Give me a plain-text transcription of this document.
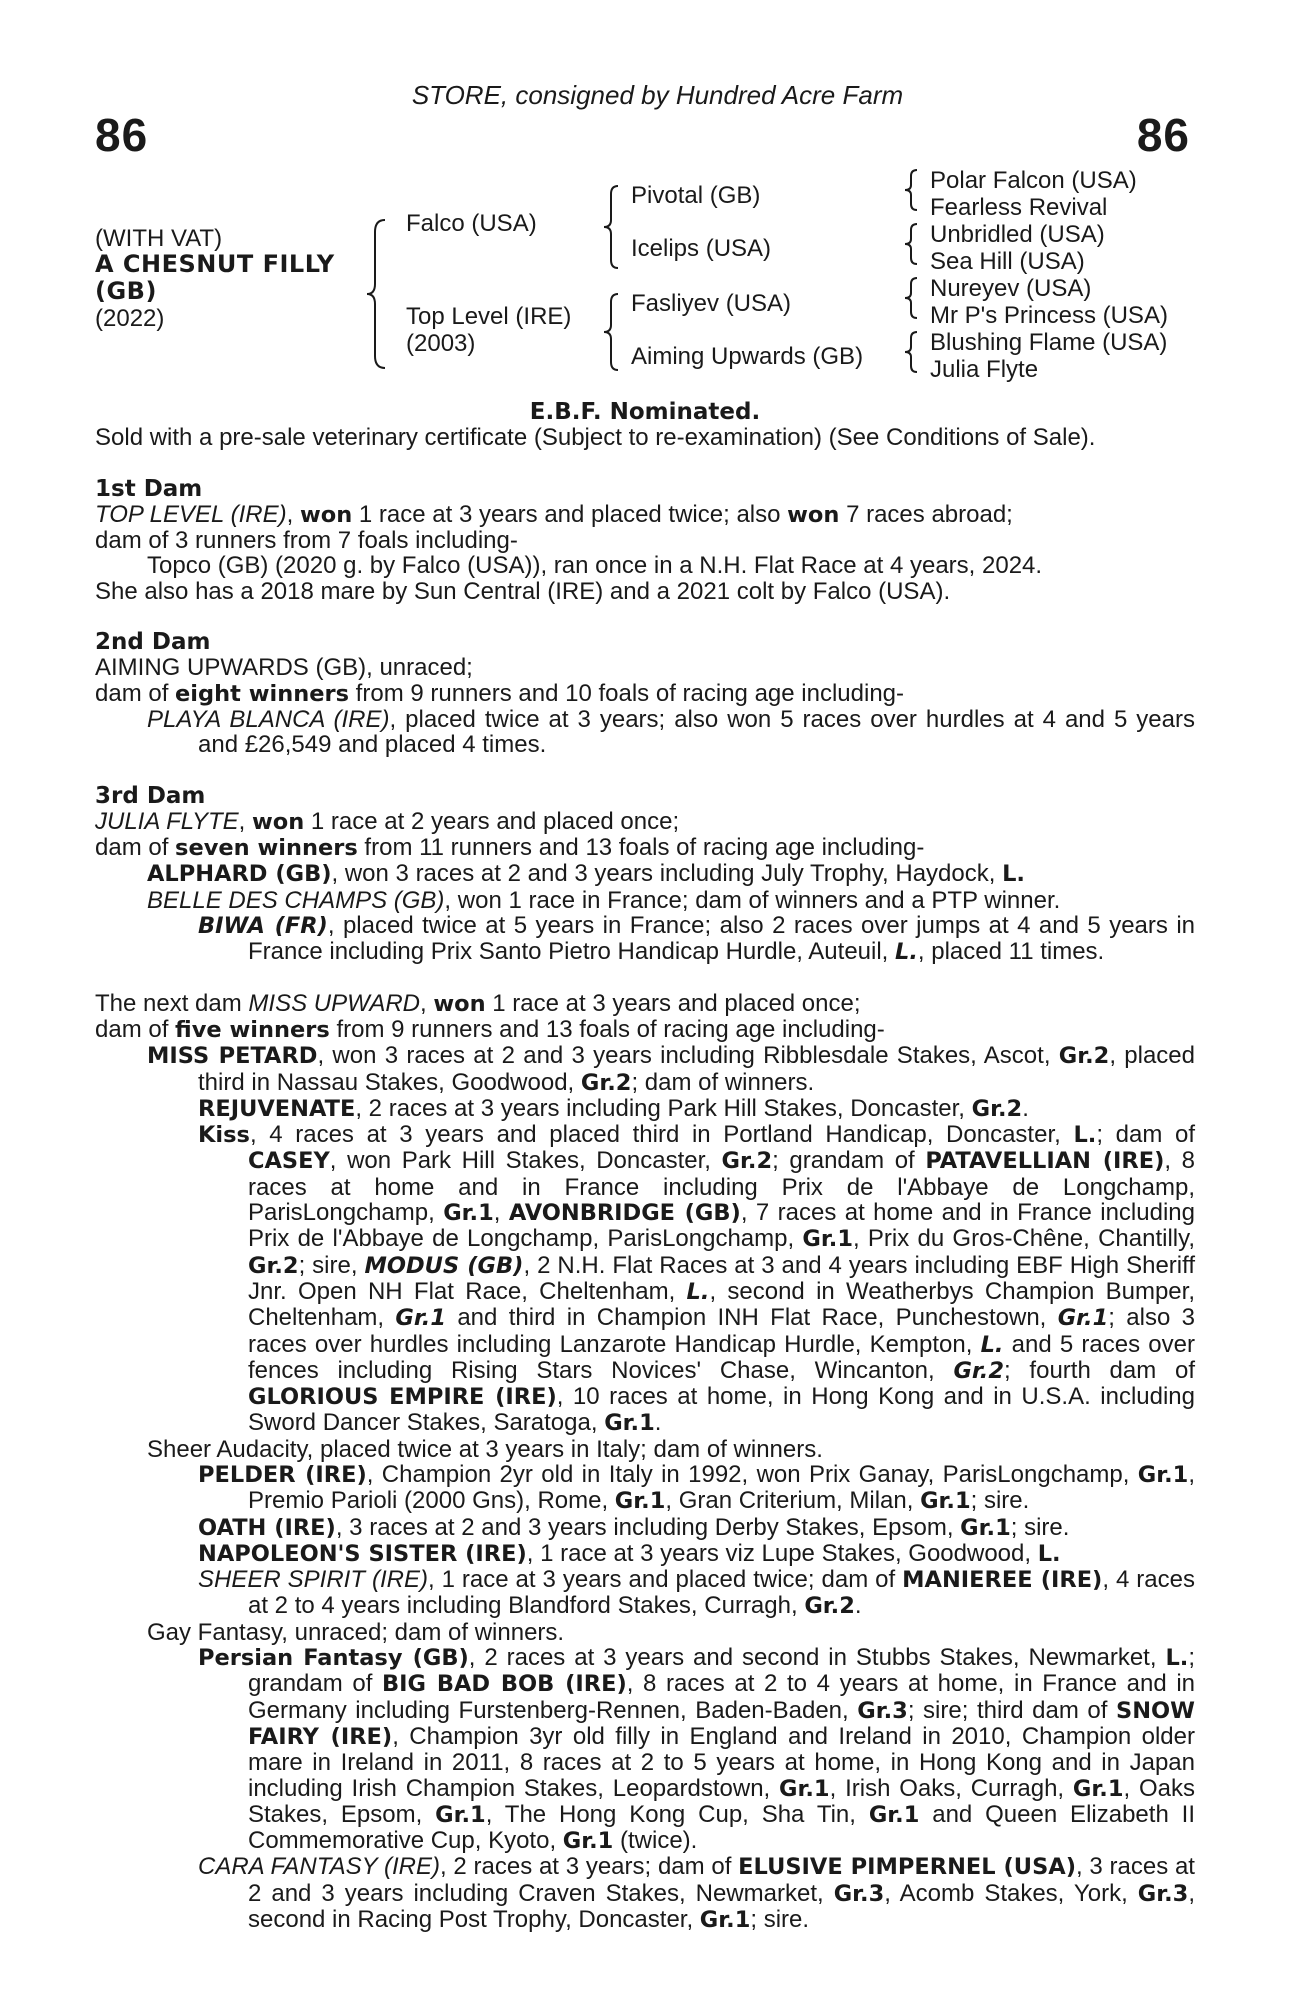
STORE, consigned by Hundred Acre Farm
86	86
(WITH VAT)
A CHESNUT FILLY
(GB)
(2022)
Falco (USA)
Top Level (IRE)
(2003)
Pivotal (GB)
Icelips (USA)
Fasliyev (USA)
Aiming Upwards (GB)
Polar Falcon (USA)
Fearless Revival
Unbridled (USA)
Sea Hill (USA)
Nureyev (USA)
Mr P's Princess (USA)
Blushing Flame (USA)
Julia Flyte

E.B.F. Nominated.

Sold with a pre-sale veterinary certificate (Subject to re-examination) (See Conditions of Sale).

1st Dam

TOP LEVEL (IRE), won 1 race at 3 years and placed twice; also won 7 races abroad;

dam of 3 runners from 7 foals including-

Topco (GB) (2020 g. by Falco (USA)), ran once in a N.H. Flat Race at 4 years, 2024.

She also has a 2018 mare by Sun Central (IRE) and a 2021 colt by Falco (USA).

2nd Dam

AIMING UPWARDS (GB), unraced;

dam of eight winners from 9 runners and 10 foals of racing age including-

PLAYA BLANCA (IRE), placed twice at 3 years; also won 5 races over hurdles at 4 and 5 years and £26,549 and placed 4 times.

3rd Dam

JULIA FLYTE, won 1 race at 2 years and placed once;

dam of seven winners from 11 runners and 13 foals of racing age including-

ALPHARD (GB), won 3 races at 2 and 3 years including July Trophy, Haydock, L.

BELLE DES CHAMPS (GB), won 1 race in France; dam of winners and a PTP winner.

BIWA (FR), placed twice at 5 years in France; also 2 races over jumps at 4 and 5 years in France including Prix Santo Pietro Handicap Hurdle, Auteuil, L., placed 11 times.

The next dam MISS UPWARD, won 1 race at 3 years and placed once;

dam of five winners from 9 runners and 13 foals of racing age including-

MISS PETARD, won 3 races at 2 and 3 years including Ribblesdale Stakes, Ascot, Gr.2, placed third in Nassau Stakes, Goodwood, Gr.2; dam of winners.

REJUVENATE, 2 races at 3 years including Park Hill Stakes, Doncaster, Gr.2.

Kiss, 4 races at 3 years and placed third in Portland Handicap, Doncaster, L.; dam of CASEY, won Park Hill Stakes, Doncaster, Gr.2; grandam of PATAVELLIAN (IRE), 8 races at home and in France including Prix de l'Abbaye de Longchamp, ParisLongchamp, Gr.1, AVONBRIDGE (GB), 7 races at home and in France including Prix de l'Abbaye de Longchamp, ParisLongchamp, Gr.1, Prix du Gros-Chêne, Chantilly, Gr.2; sire, MODUS (GB), 2 N.H. Flat Races at 3 and 4 years including EBF High Sheriff Jnr. Open NH Flat Race, Cheltenham, L., second in Weatherbys Champion Bumper, Cheltenham, Gr.1 and third in Champion INH Flat Race, Punchestown, Gr.1; also 3 races over hurdles including Lanzarote Handicap Hurdle, Kempton, L. and 5 races over fences including Rising Stars Novices' Chase, Wincanton, Gr.2; fourth dam of GLORIOUS EMPIRE (IRE), 10 races at home, in Hong Kong and in U.S.A. including Sword Dancer Stakes, Saratoga, Gr.1.

Sheer Audacity, placed twice at 3 years in Italy; dam of winners.

PELDER (IRE), Champion 2yr old in Italy in 1992, won Prix Ganay, ParisLongchamp, Gr.1, Premio Parioli (2000 Gns), Rome, Gr.1, Gran Criterium, Milan, Gr.1; sire.

OATH (IRE), 3 races at 2 and 3 years including Derby Stakes, Epsom, Gr.1; sire.

NAPOLEON'S SISTER (IRE), 1 race at 3 years viz Lupe Stakes, Goodwood, L.

SHEER SPIRIT (IRE), 1 race at 3 years and placed twice; dam of MANIEREE (IRE), 4 races at 2 to 4 years including Blandford Stakes, Curragh, Gr.2.

Gay Fantasy, unraced; dam of winners.

Persian Fantasy (GB), 2 races at 3 years and second in Stubbs Stakes, Newmarket, L.; grandam of BIG BAD BOB (IRE), 8 races at 2 to 4 years at home, in France and in Germany including Furstenberg-Rennen, Baden-Baden, Gr.3; sire; third dam of SNOW FAIRY (IRE), Champion 3yr old filly in England and Ireland in 2010, Champion older mare in Ireland in 2011, 8 races at 2 to 5 years at home, in Hong Kong and in Japan including Irish Champion Stakes, Leopardstown, Gr.1, Irish Oaks, Curragh, Gr.1, Oaks Stakes, Epsom, Gr.1, The Hong Kong Cup, Sha Tin, Gr.1 and Queen Elizabeth II Commemorative Cup, Kyoto, Gr.1 (twice).

CARA FANTASY (IRE), 2 races at 3 years; dam of ELUSIVE PIMPERNEL (USA), 3 races at 2 and 3 years including Craven Stakes, Newmarket, Gr.3, Acomb Stakes, York, Gr.3, second in Racing Post Trophy, Doncaster, Gr.1; sire.
